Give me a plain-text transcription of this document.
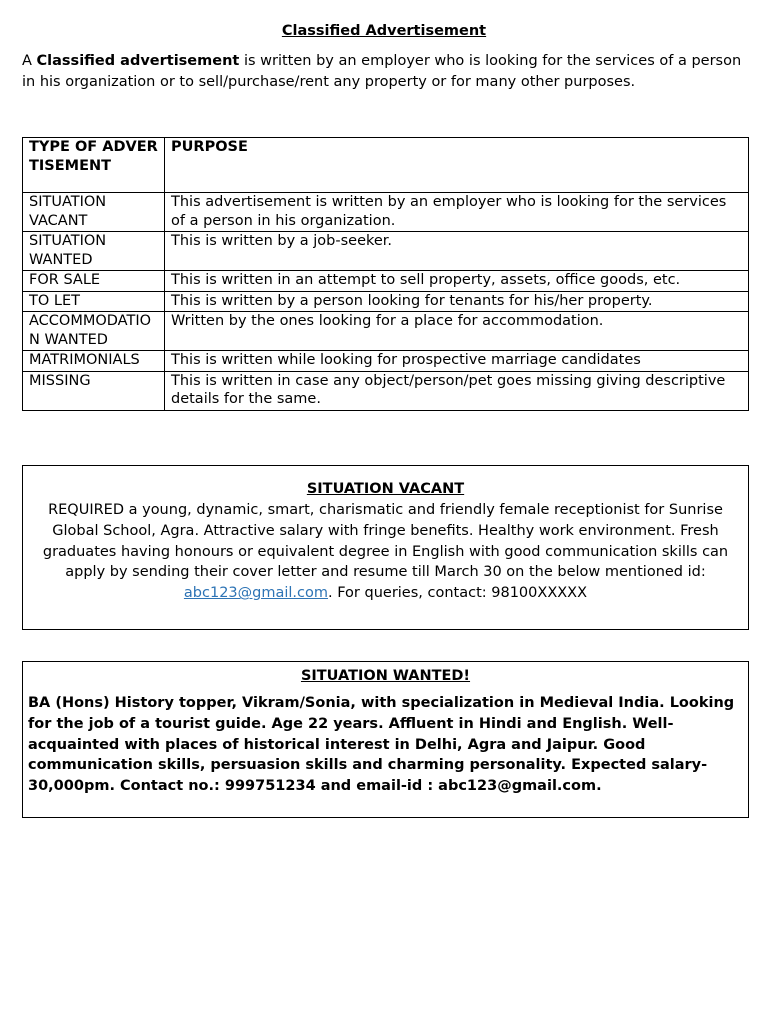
Classified Advertisement
A Classified advertisement is written by an employer who is looking for the services of a person in his organization or to sell/purchase/rent any property or for many other purposes.
TYPE OF ADVERTISEMENT	PURPOSE
SITUATION VACANT	This advertisement is written by an employer who is looking for the services of a person in his organization.
SITUATION WANTED	This is written by a job-seeker.
FOR SALE	This is written in an attempt to sell property, assets, office goods, etc.
TO LET	This is written by a person looking for tenants for his/her property.
ACCOMMODATION WANTED	Written by the ones looking for a place for accommodation.
MATRIMONIALS	This is written while looking for prospective marriage candidates
MISSING	This is written in case any object/person/pet goes missing giving descriptive details for the same.
SITUATION VACANT
REQUIRED a young, dynamic, smart, charismatic and friendly female receptionist for Sunrise Global School, Agra. Attractive salary with fringe benefits. Healthy work environment. Fresh graduates having honours or equivalent degree in English with good communication skills can apply by sending their cover letter and resume till March 30 on the below mentioned id: abc123@gmail.com. For queries, contact: 98100XXXXX
SITUATION WANTED!
BA (Hons) History topper, Vikram/Sonia, with specialization in Medieval India. Looking for the job of a tourist guide. Age 22 years. Affluent in Hindi and English. Well-acquainted with places of historical interest in Delhi, Agra and Jaipur. Good communication skills, persuasion skills and charming personality. Expected salary- 30,000pm. Contact no.: 999751234 and email-id : abc123@gmail.com.
